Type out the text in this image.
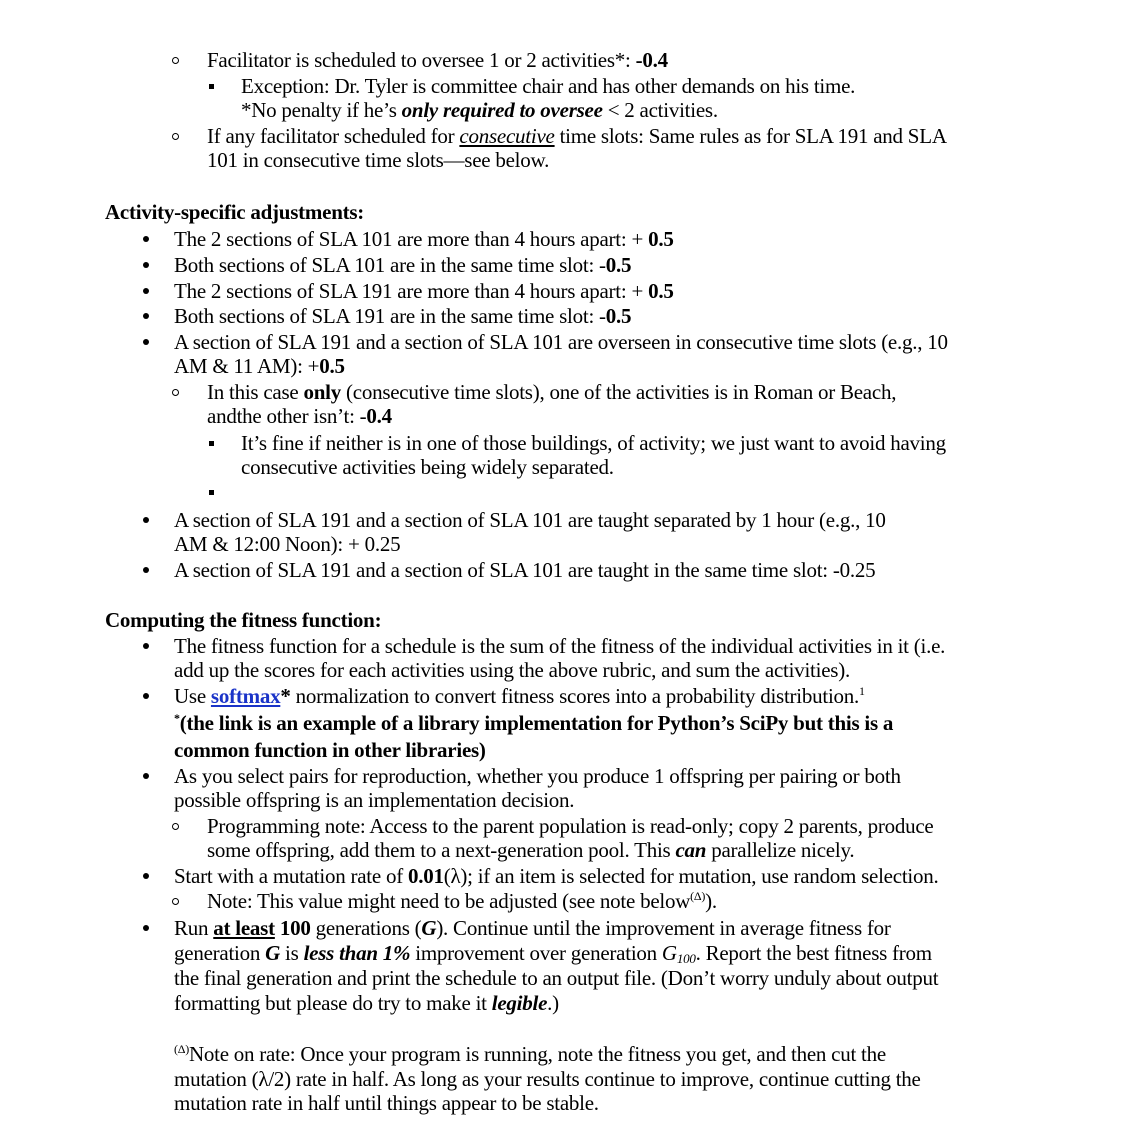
Facilitator is scheduled to oversee 1 or 2 activities*: -0.4
Exception: Dr. Tyler is committee chair and has other demands on his time.
*No penalty if he’s only required to oversee < 2 activities.
If any facilitator scheduled for consecutive time slots: Same rules as for SLA 191 and SLA
101 in consecutive time slots—see below.
Activity-specific adjustments:
The 2 sections of SLA 101 are more than 4 hours apart: + 0.5
Both sections of SLA 101 are in the same time slot: -0.5
The 2 sections of SLA 191 are more than 4 hours apart: + 0.5
Both sections of SLA 191 are in the same time slot: -0.5
A section of SLA 191 and a section of SLA 101 are overseen in consecutive time slots (e.g., 10
AM & 11 AM): +0.5
In this case only (consecutive time slots), one of the activities is in Roman or Beach,
andthe other isn’t: -0.4
It’s fine if neither is in one of those buildings, of activity; we just want to avoid having
consecutive activities being widely separated.
A section of SLA 191 and a section of SLA 101 are taught separated by 1 hour (e.g., 10
AM & 12:00 Noon): + 0.25
A section of SLA 191 and a section of SLA 101 are taught in the same time slot: -0.25
Computing the fitness function:
The fitness function for a schedule is the sum of the fitness of the individual activities in it (i.e.
add up the scores for each activities using the above rubric, and sum the activities).
Use softmax* normalization to convert fitness scores into a probability distribution.$^1$
*(the link is an example of a library implementation for Python’s SciPy but this is a
common function in other libraries)
As you select pairs for reproduction, whether you produce 1 offspring per pairing or both
possible offspring is an implementation decision.
Programming note: Access to the parent population is read-only; copy 2 parents, produce
some offspring, add them to a next-generation pool. This can parallelize nicely.
Start with a mutation rate of 0.01(λ); if an item is selected for mutation, use random selection.
Note: This value might need to be adjusted (see note below$^{(\Delta)}$).
Run at least 100 generations (G). Continue until the improvement in average fitness for
generation G is less than 1% improvement over generation $G_{100}$. Report the best fitness from
the final generation and print the schedule to an output file. (Don’t worry unduly about output
formatting but please do try to make it legible.)
$^{(\Delta)}$Note on rate: Once your program is running, note the fitness you get, and then cut the
mutation (λ/2) rate in half. As long as your results continue to improve, continue cutting the
mutation rate in half until things appear to be stable.
